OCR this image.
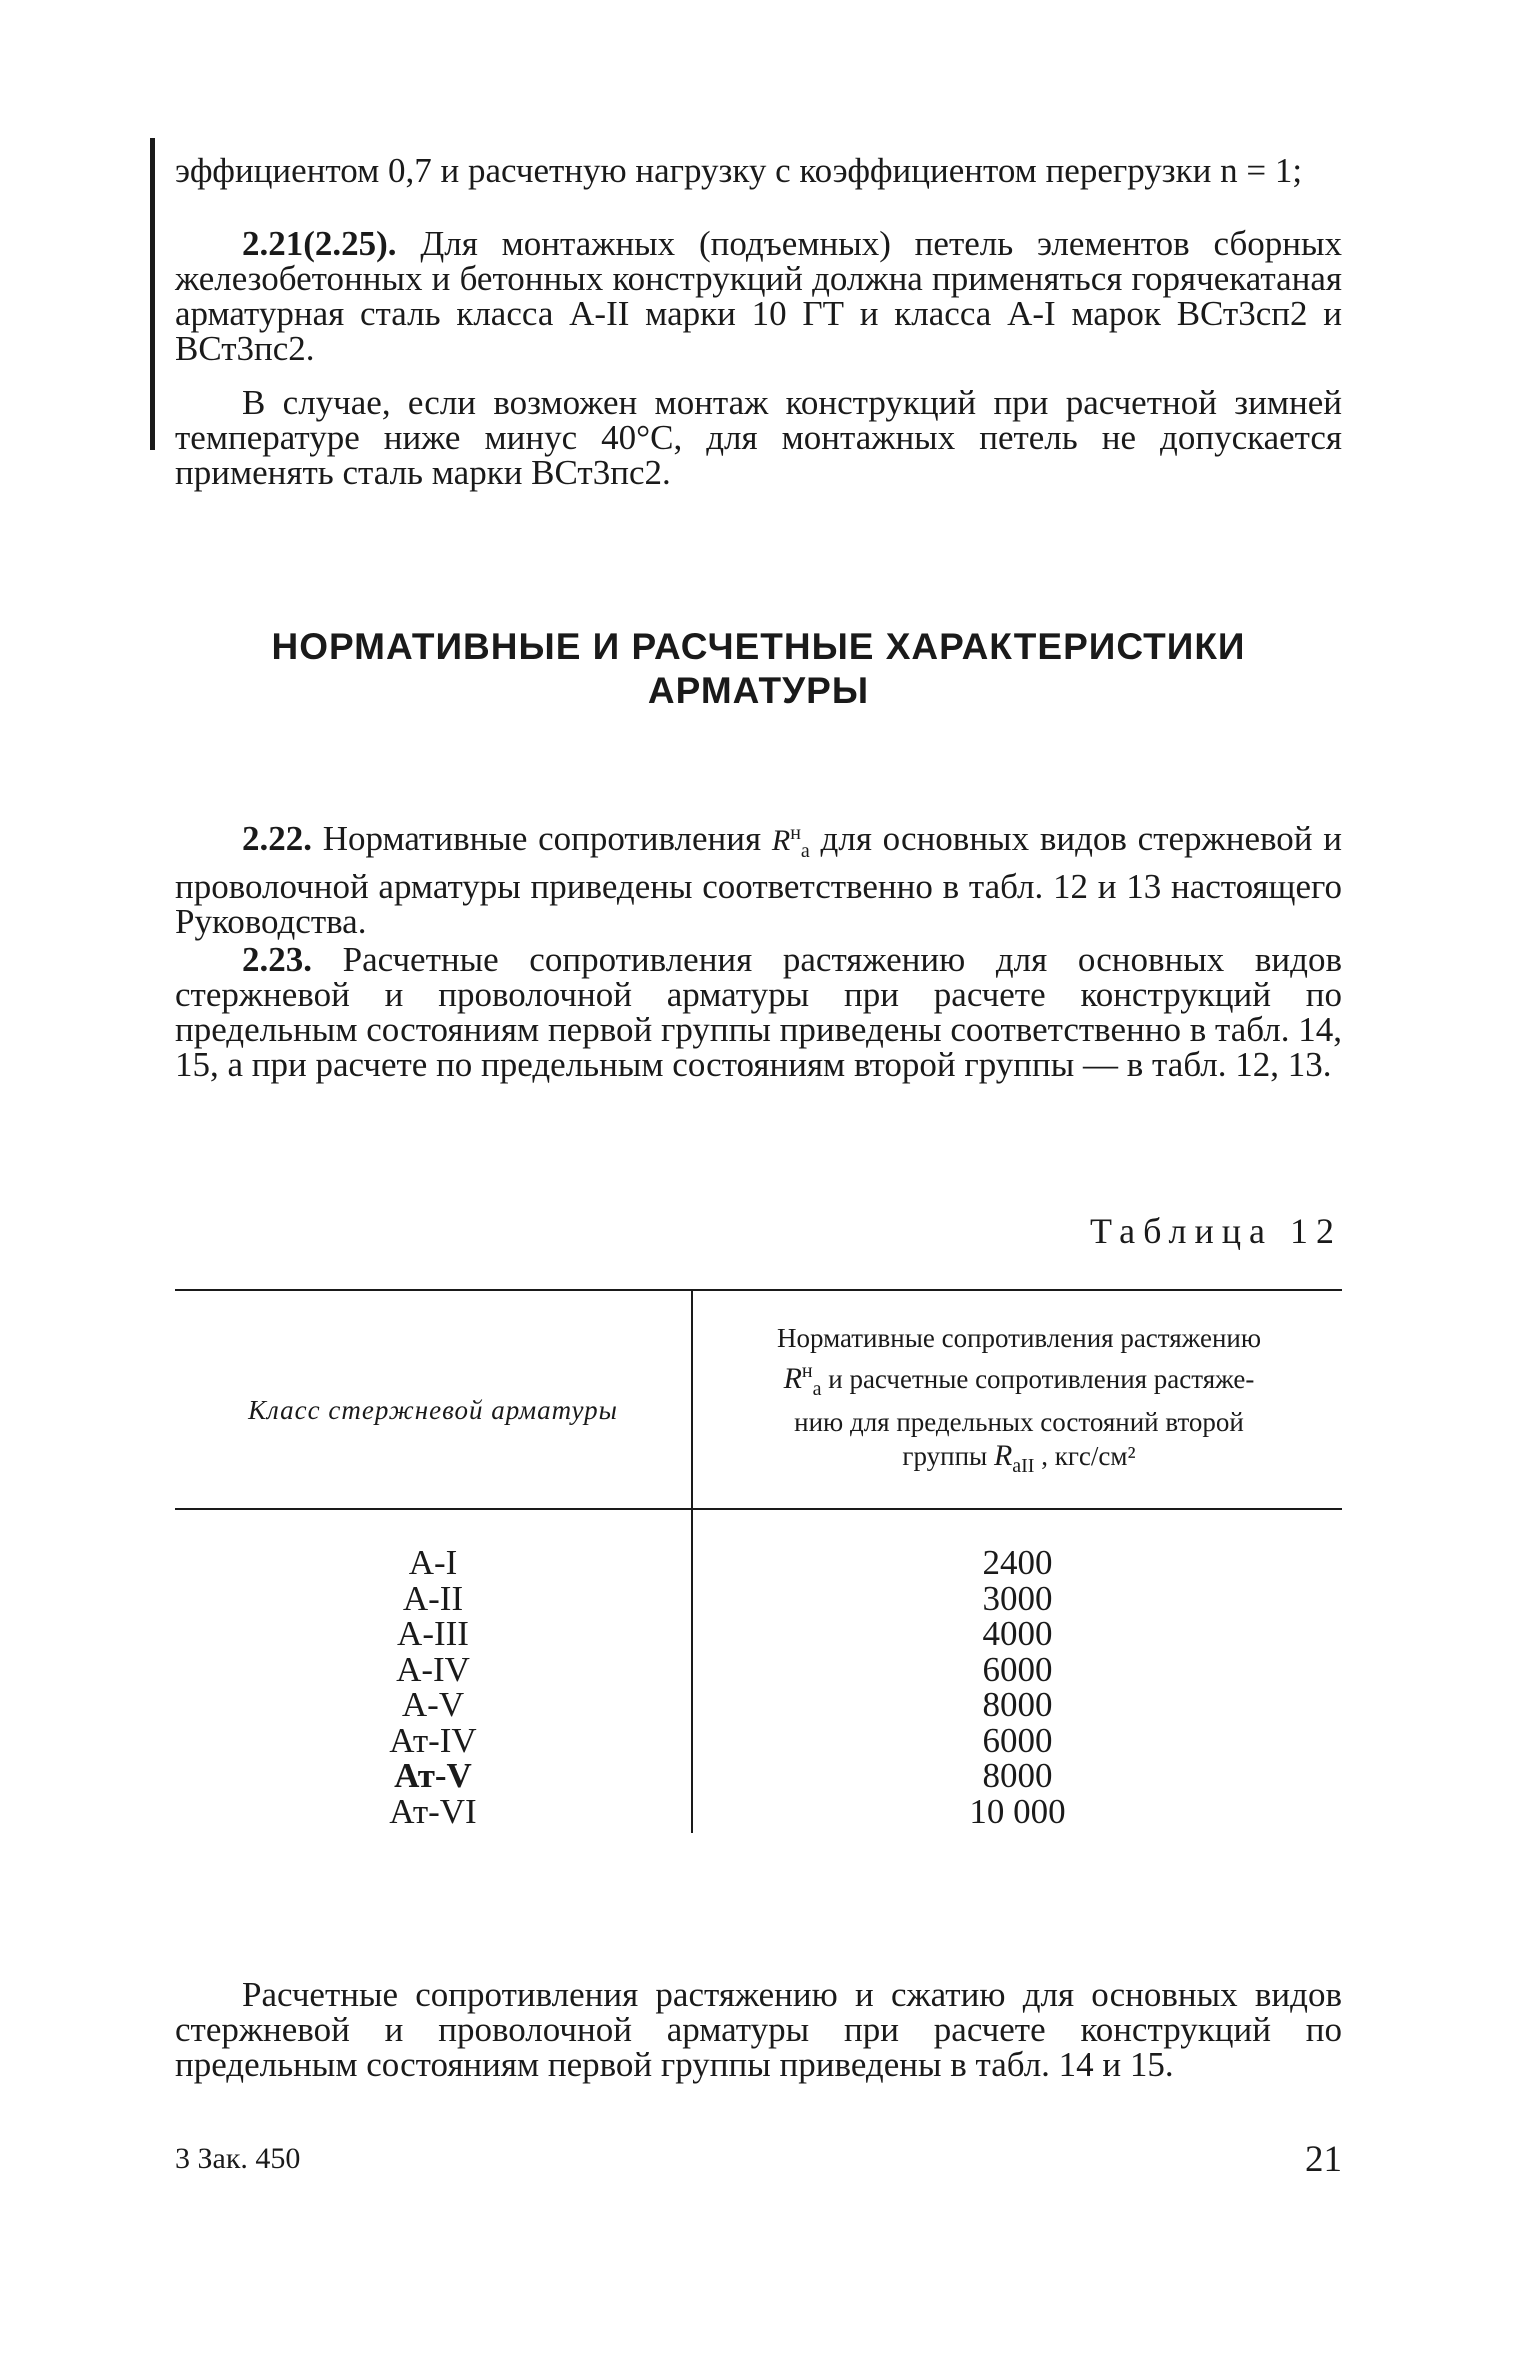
эффициентом 0,7 и расчетную нагрузку с коэффициентом перегрузки n = 1;

2.21(2.25). Для монтажных (подъемных) петель элементов сборных железобетонных и бетонных конструкций должна применяться горячекатаная арматурная сталь класса А-II марки 10 ГТ и класса А-I марок ВСт3сп2 и ВСт3пс2.

В случае, если возможен монтаж конструкций при расчетной зимней температуре ниже минус 40°С, для монтажных петель не допускается применять сталь марки ВСт3пс2.

НОРМАТИВНЫЕ И РАСЧЕТНЫЕ ХАРАКТЕРИСТИКИ
АРМАТУРЫ

2.22. Нормативные сопротивления $R^н_а$ для основных видов стержневой и проволочной арматуры приведены соответственно в табл. 12 и 13 настоящего Руководства.

2.23. Расчетные сопротивления растяжению для основных видов стержневой и проволочной арматуры при расчете конструкций по предельным состояниям первой группы приведены соответственно в табл. 14, 15, а при расчете по предельным состояниям второй группы — в табл. 12, 13.

Таблица 12

Класс стержневой арматуры
Нормативные сопротивления растяжению
$R^н_а$ и расчетные сопротивления растяже-
нию для предельных состояний второй
группы $R_{аII}$ , кгс/см²
А-I
А-II
А-III
А-IV
А-V
Ат-IV
Ат-V
Ат-VI
2400
3000
4000
6000
8000
6000
8000
10 000

Расчетные сопротивления растяжению и сжатию для основных видов стержневой и проволочной арматуры при расчете конструкций по предельным состояниям первой группы приведены в табл. 14 и 15.

3 Зак. 450	21
